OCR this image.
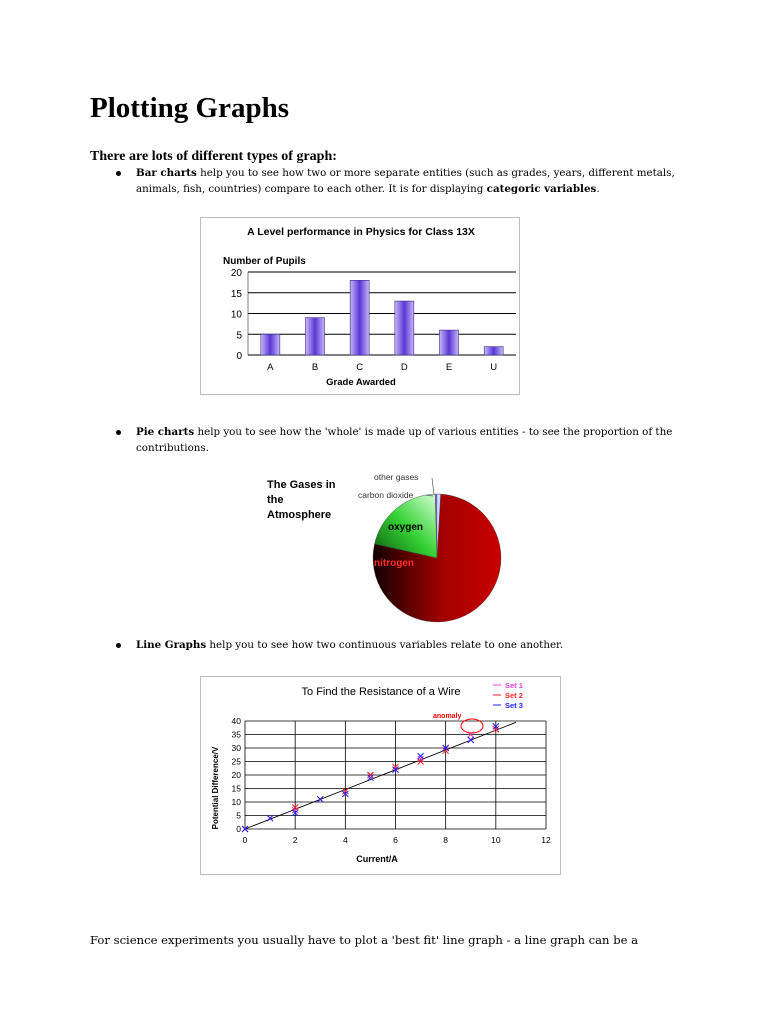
Plotting Graphs

There are lots of different types of graph:

Bar charts help you to see how two or more separate entities (such as grades, years, different metals,

animals, fish, countries) compare to each other. It is for displaying categoric variables.

A Level performance in Physics for Class 13X
Number of Pupils
Grade Awarded
0
5
10
15
20
A	B	C	D	E	U

Pie charts help you to see how the 'whole' is made up of various entities - to see the proportion of the

contributions.

The Gases in
the
Atmosphere
nitrogen
oxygen
carbon dioxide
other gases

Line Graphs help you to see how two continuous variables relate to one another.

To Find the Resistance of a Wire
Current/A
Potential Difference/V 0
5
10
15
20
25
30
35
40
0	2	4	6	8	10	12
Set 1
Set 2
Set 3
anomaly

For science experiments you usually have to plot a 'best fit' line graph - a line graph can be a
